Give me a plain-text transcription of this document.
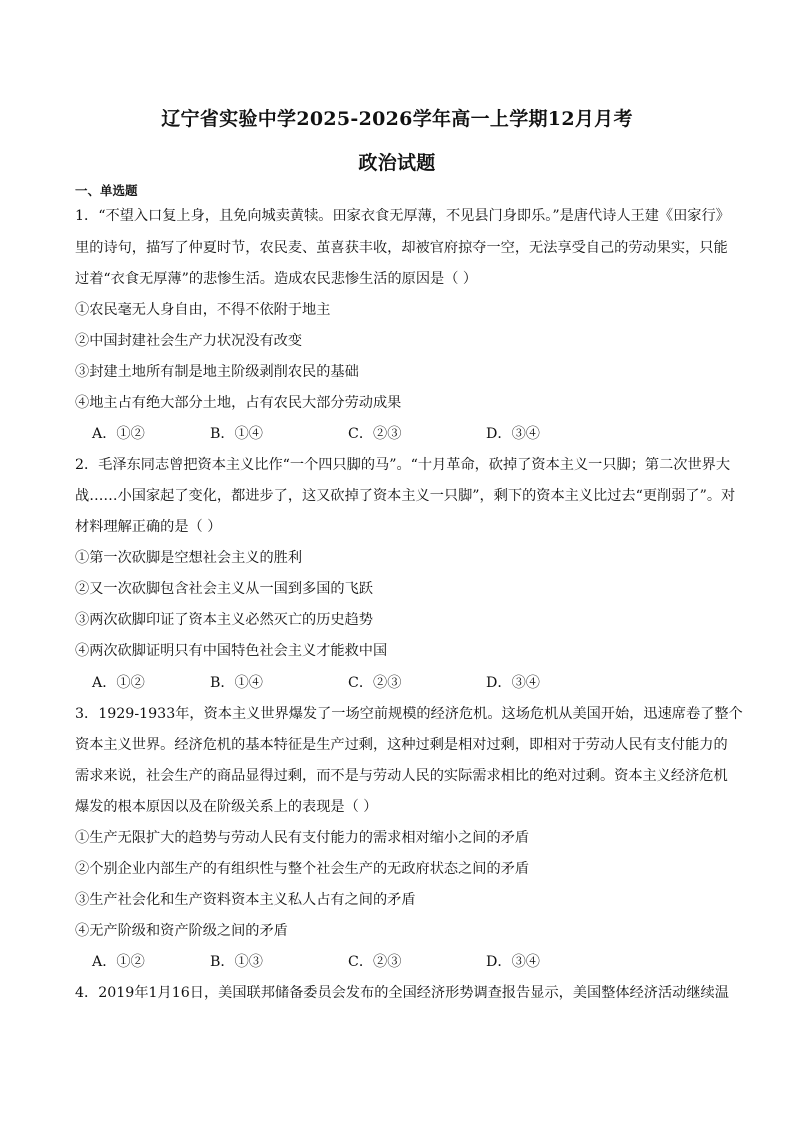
辽宁省实验中学2025-2026学年高一上学期12月月考
政治试题
一、单选题
1．“不望入口复上身，且免向城卖黄犊。田家衣食无厚薄，不见县门身即乐。”是唐代诗人王建《田家行》
里的诗句，描写了仲夏时节，农民麦、茧喜获丰收，却被官府掠夺一空，无法享受自己的劳动果实，只能
过着“衣食无厚薄”的悲惨生活。造成农民悲惨生活的原因是（ ）
①农民毫无人身自由，不得不依附于地主
②中国封建社会生产力状况没有改变
③封建土地所有制是地主阶级剥削农民的基础
④地主占有绝大部分土地，占有农民大部分劳动成果
A．①②	B．①④	C．②③	D．③④
2．毛泽东同志曾把资本主义比作“一个四只脚的马”。“十月革命，砍掉了资本主义一只脚；第二次世界大
战……小国家起了变化，都进步了，这又砍掉了资本主义一只脚”，剩下的资本主义比过去“更削弱了”。对
材料理解正确的是（ ）
①第一次砍脚是空想社会主义的胜利
②又一次砍脚包含社会主义从一国到多国的飞跃
③两次砍脚印证了资本主义必然灭亡的历史趋势
④两次砍脚证明只有中国特色社会主义才能救中国
A．①②	B．①④	C．②③	D．③④
3．1929-1933年，资本主义世界爆发了一场空前规模的经济危机。这场危机从美国开始，迅速席卷了整个
资本主义世界。经济危机的基本特征是生产过剩，这种过剩是相对过剩，即相对于劳动人民有支付能力的
需求来说，社会生产的商品显得过剩，而不是与劳动人民的实际需求相比的绝对过剩。资本主义经济危机
爆发的根本原因以及在阶级关系上的表现是（ ）
①生产无限扩大的趋势与劳动人民有支付能力的需求相对缩小之间的矛盾
②个别企业内部生产的有组织性与整个社会生产的无政府状态之间的矛盾
③生产社会化和生产资料资本主义私人占有之间的矛盾
④无产阶级和资产阶级之间的矛盾
A．①②	B．①③	C．②③	D．③④
4．2019年1月16日，美国联邦储备委员会发布的全国经济形势调查报告显示，美国整体经济活动继续温
